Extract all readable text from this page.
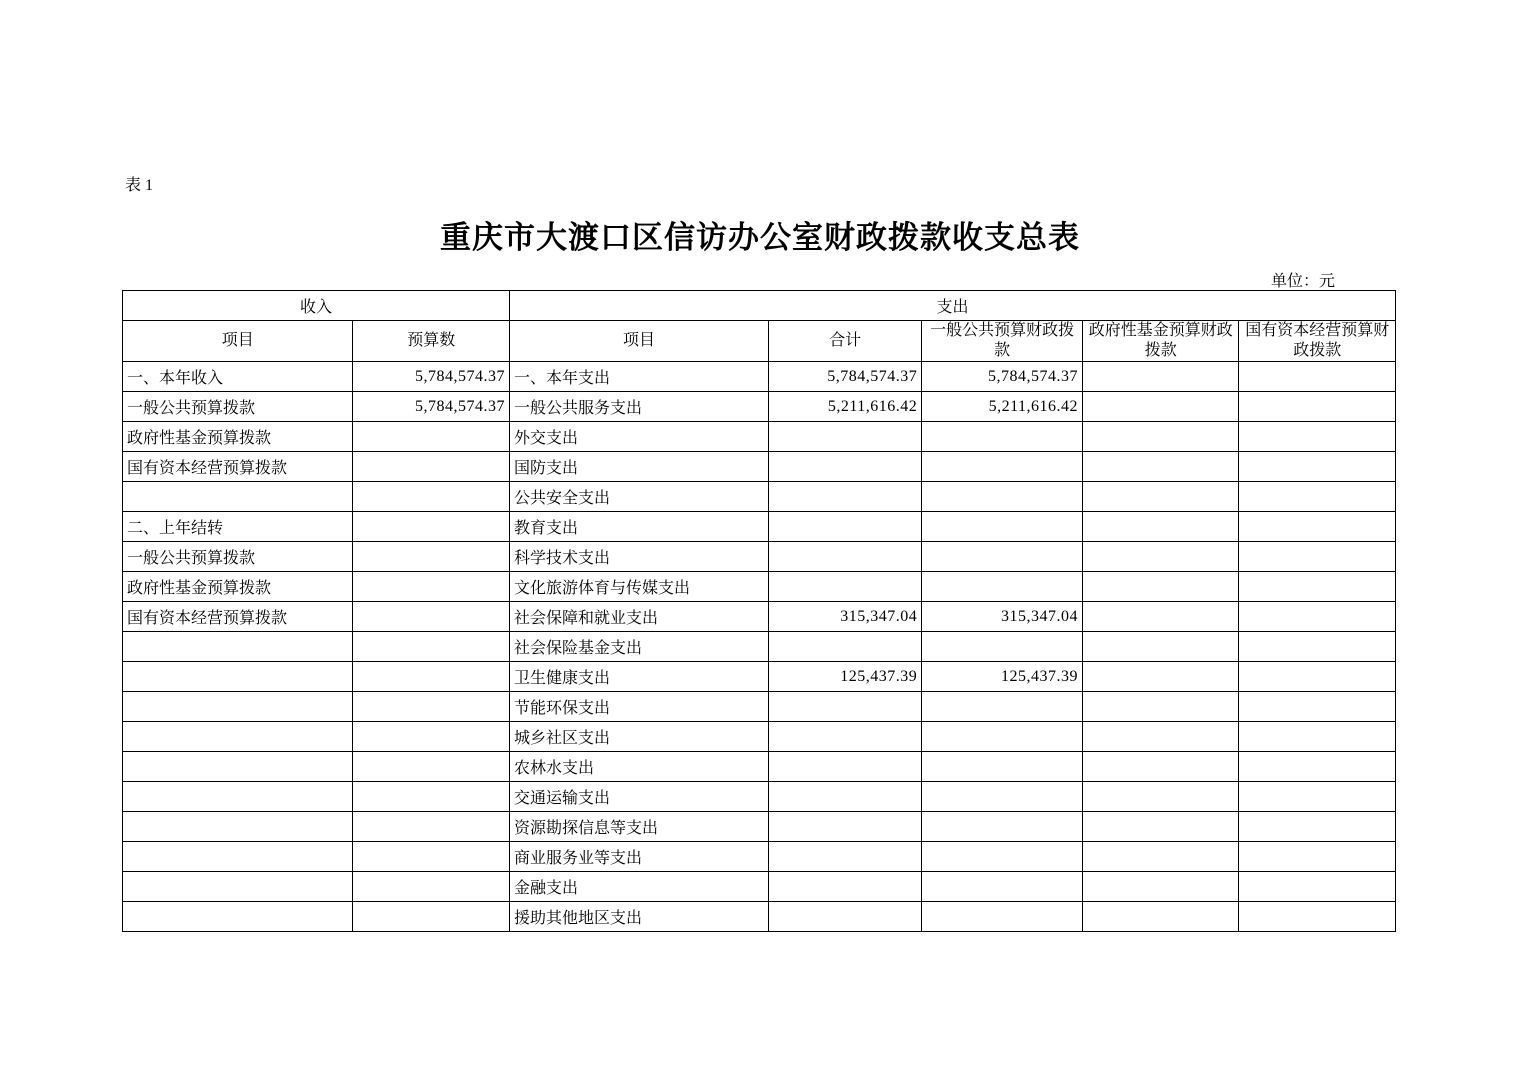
表 1
重庆市大渡口区信访办公室财政拨款收支总表
单位：元
收入		支出				
项目	预算数	项目	合计	一般公共预算财政拨款	政府性基金预算财政拨款	国有资本经营预算财政拨款
一、本年收入	5,784,574.37	一、本年支出	5,784,574.37	5,784,574.37		
一般公共预算拨款	5,784,574.37	一般公共服务支出	5,211,616.42	5,211,616.42		
政府性基金预算拨款		外交支出				
国有资本经营预算拨款		国防支出				
		公共安全支出				
二、上年结转		教育支出				
一般公共预算拨款		科学技术支出				
政府性基金预算拨款		文化旅游体育与传媒支出				
国有资本经营预算拨款		社会保障和就业支出	315,347.04	315,347.04		
		社会保险基金支出				
		卫生健康支出	125,437.39	125,437.39		
		节能环保支出				
		城乡社区支出				
		农林水支出				
		交通运输支出				
		资源勘探信息等支出				
		商业服务业等支出				
		金融支出				
		援助其他地区支出				
